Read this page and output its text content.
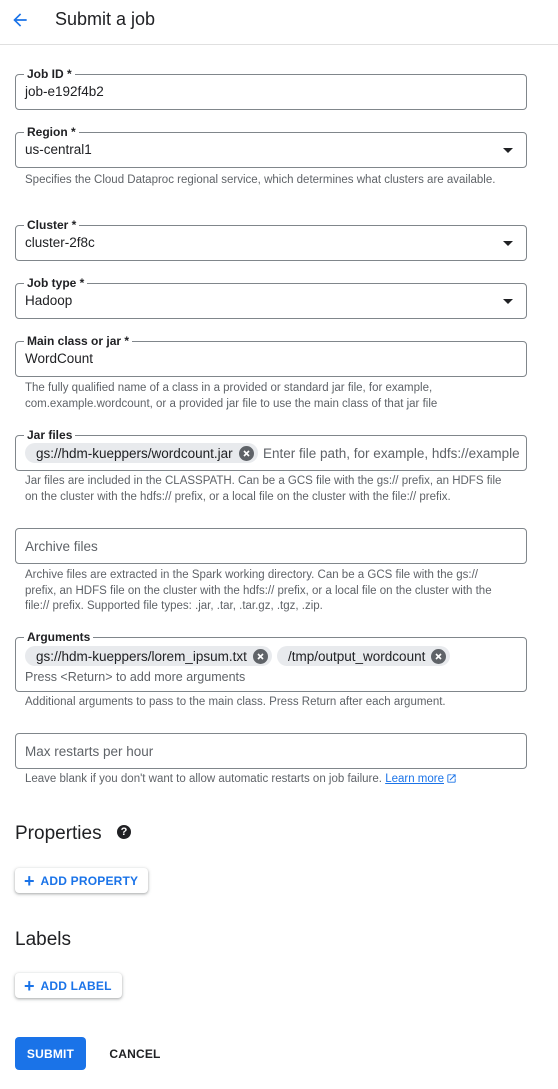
Submit a job
Job ID *
job-e192f4b2
Region *
us-central1
Specifies the Cloud Dataproc regional service, which determines what clusters are available.
Cluster *
cluster-2f8c
Job type *
Hadoop
Main class or jar *
WordCount
The fully qualified name of a class in a provided or standard jar file, for example, com.example.wordcount, or a provided jar file to use the main class of that jar file
Jar files
gs://hdm-kueppers/wordcount.jar Enter file path, for example, hdfs://example
Jar files are included in the CLASSPATH. Can be a GCS file with the gs:// prefix, an HDFS file on the cluster with the hdfs:// prefix, or a local file on the cluster with the file:// prefix.
Archive files
Archive files are extracted in the Spark working directory. Can be a GCS file with the gs:// prefix, an HDFS file on the cluster with the hdfs:// prefix, or a local file on the cluster with the file:// prefix. Supported file types: .jar, .tar, .tar.gz, .tgz, .zip.
Arguments
gs://hdm-kueppers/lorem_ipsum.txt	/tmp/output_wordcount
Press <Return> to add more arguments
Additional arguments to pass to the main class. Press Return after each argument.
Max restarts per hour
Leave blank if you don't want to allow automatic restarts on job failure. Learn more
Properties	?
+ ADD PROPERTY
Labels
+ ADD LABEL
SUBMIT	CANCEL
